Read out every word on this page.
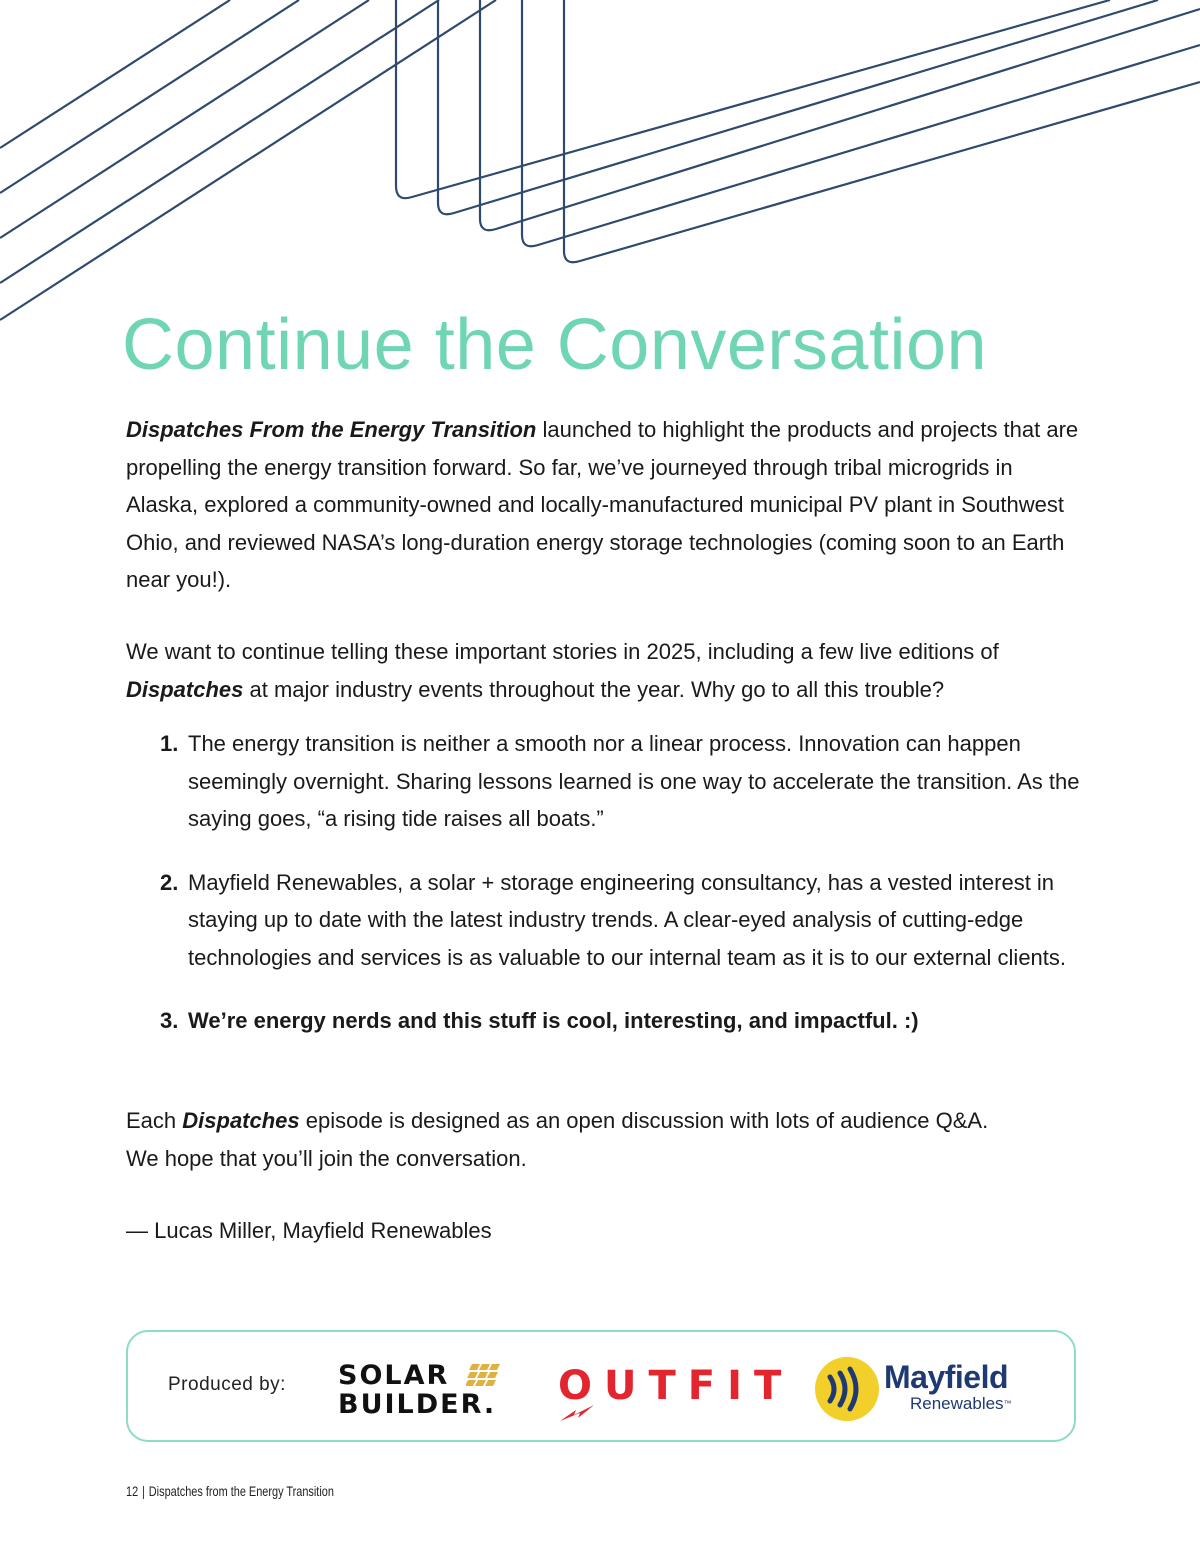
Continue the Conversation

Dispatches From the Energy Transition launched to highlight the products and projects that are propelling the energy transition forward. So far, we’ve journeyed through tribal microgrids in Alaska, explored a community-owned and locally-manufactured municipal PV plant in Southwest Ohio, and reviewed NASA’s long-duration energy storage technologies (coming soon to an Earth near you!).

We want to continue telling these important stories in 2025, including a few live editions of Dispatches at major industry events throughout the year. Why go to all this trouble?

1. The energy transition is neither a smooth nor a linear process. Innovation can happen seemingly overnight. Sharing lessons learned is one way to accelerate the transition. As the saying goes, “a rising tide raises all boats.”
2. Mayfield Renewables, a solar + storage engineering consultancy, has a vested interest in staying up to date with the latest industry trends. A clear-eyed analysis of cutting-edge technologies and services is as valuable to our internal team as it is to our external clients.
3. We’re energy nerds and this stuff is cool, interesting, and impactful. :)

Each Dispatches episode is designed as an open discussion with lots of audience Q&A.
We hope that you’ll join the conversation.

— Lucas Miller, Mayfield Renewables

Produced by: SOLAR
BUILDER. OUTFIT	Mayfield
Renewables™
12 | Dispatches from the Energy Transition
